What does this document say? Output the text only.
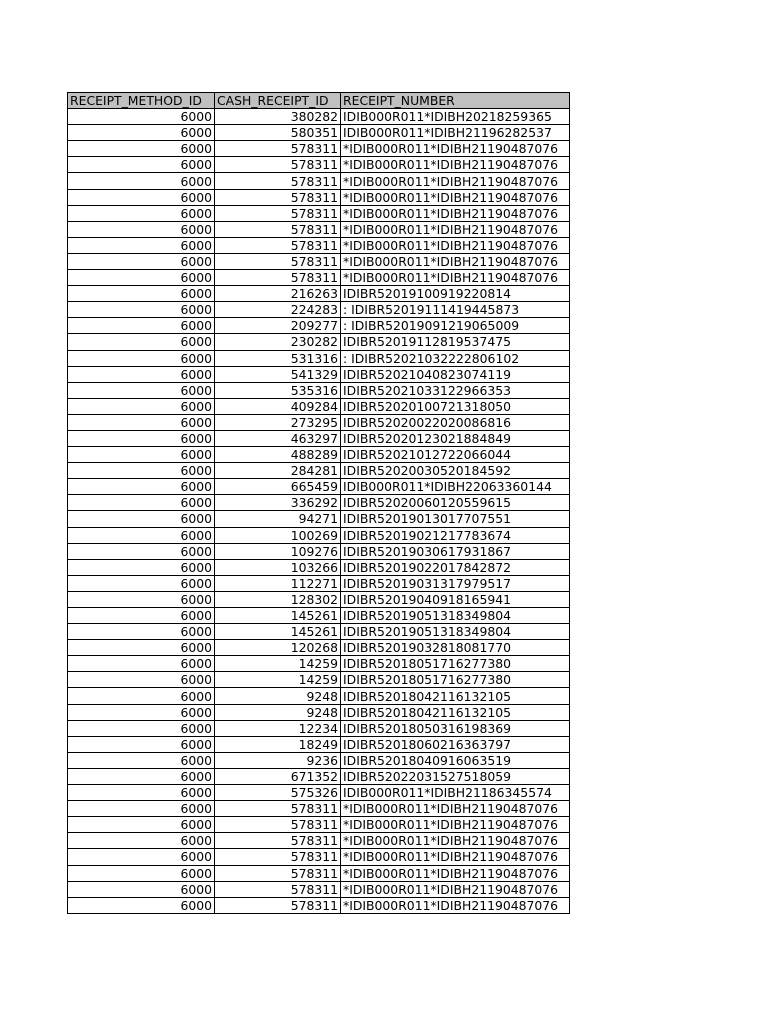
RECEIPT_METHOD_ID	CASH_RECEIPT_ID	RECEIPT_NUMBER
6000	380282	IDIB000R011*IDIBH20218259365
6000	580351	IDIB000R011*IDIBH21196282537
6000	578311	*IDIB000R011*IDIBH21190487076
6000	578311	*IDIB000R011*IDIBH21190487076
6000	578311	*IDIB000R011*IDIBH21190487076
6000	578311	*IDIB000R011*IDIBH21190487076
6000	578311	*IDIB000R011*IDIBH21190487076
6000	578311	*IDIB000R011*IDIBH21190487076
6000	578311	*IDIB000R011*IDIBH21190487076
6000	578311	*IDIB000R011*IDIBH21190487076
6000	578311	*IDIB000R011*IDIBH21190487076
6000	216263	IDIBR52019100919220814
6000	224283	: IDIBR52019111419445873
6000	209277	: IDIBR52019091219065009
6000	230282	IDIBR52019112819537475
6000	531316	: IDIBR52021032222806102
6000	541329	IDIBR52021040823074119
6000	535316	IDIBR52021033122966353
6000	409284	IDIBR52020100721318050
6000	273295	IDIBR52020022020086816
6000	463297	IDIBR52020123021884849
6000	488289	IDIBR52021012722066044
6000	284281	IDIBR52020030520184592
6000	665459	IDIB000R011*IDIBH22063360144
6000	336292	IDIBR52020060120559615
6000	94271	IDIBR52019013017707551
6000	100269	IDIBR52019021217783674
6000	109276	IDIBR52019030617931867
6000	103266	IDIBR52019022017842872
6000	112271	IDIBR52019031317979517
6000	128302	IDIBR52019040918165941
6000	145261	IDIBR52019051318349804
6000	145261	IDIBR52019051318349804
6000	120268	IDIBR52019032818081770
6000	14259	IDIBR52018051716277380
6000	14259	IDIBR52018051716277380
6000	9248	IDIBR52018042116132105
6000	9248	IDIBR52018042116132105
6000	12234	IDIBR52018050316198369
6000	18249	IDIBR52018060216363797
6000	9236	IDIBR52018040916063519
6000	671352	IDIBR52022031527518059
6000	575326	IDIB000R011*IDIBH21186345574
6000	578311	*IDIB000R011*IDIBH21190487076
6000	578311	*IDIB000R011*IDIBH21190487076
6000	578311	*IDIB000R011*IDIBH21190487076
6000	578311	*IDIB000R011*IDIBH21190487076
6000	578311	*IDIB000R011*IDIBH21190487076
6000	578311	*IDIB000R011*IDIBH21190487076
6000	578311	*IDIB000R011*IDIBH21190487076
